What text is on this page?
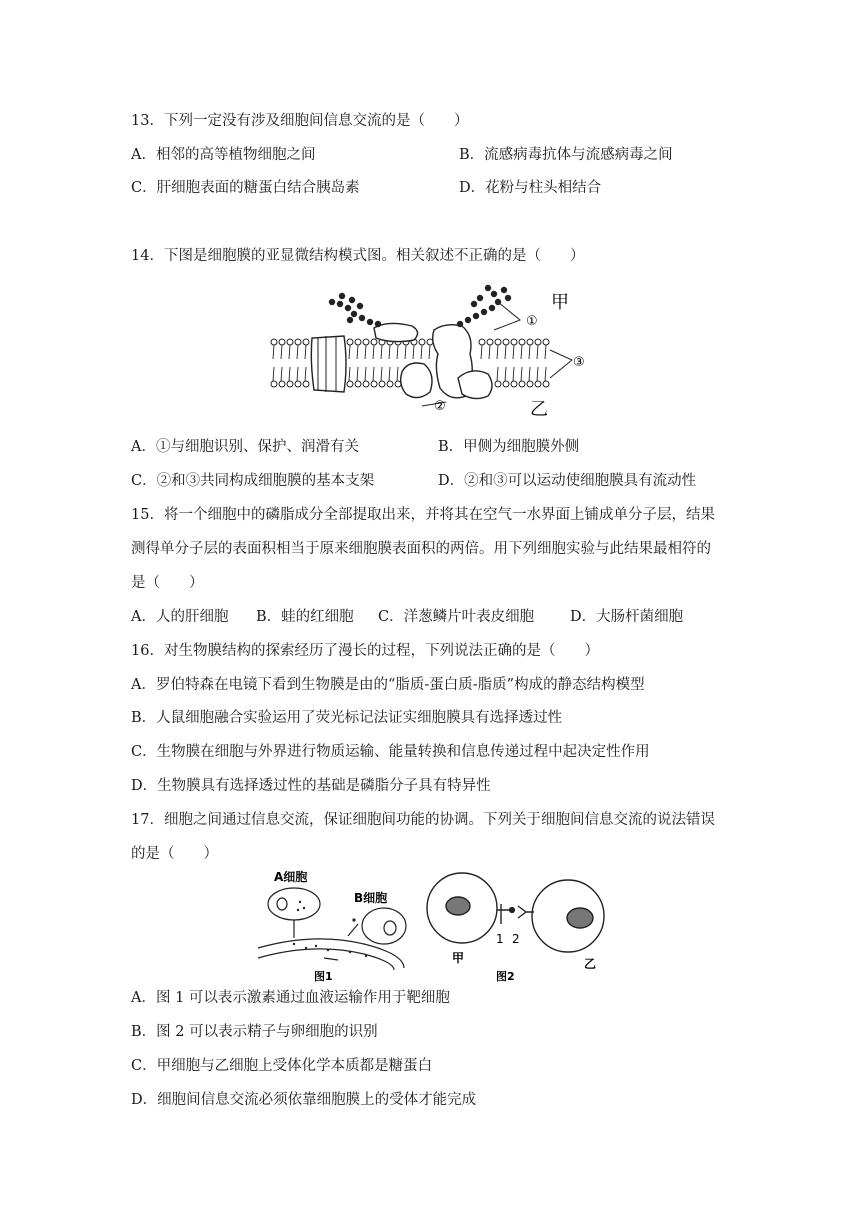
13．下列一定没有涉及细胞间信息交流的是（　　）
A．相邻的高等植物细胞之间	B．流感病毒抗体与流感病毒之间
C．肝细胞表面的糖蛋白结合胰岛素	D．花粉与柱头相结合
14．下图是细胞膜的亚显微结构模式图。相关叙述不正确的是（　　）
①
甲
③
②	乙
A．①与细胞识别、保护、润滑有关	B．甲侧为细胞膜外侧
C．②和③共同构成细胞膜的基本支架	D．②和③可以运动使细胞膜具有流动性
15．将一个细胞中的磷脂成分全部提取出来，并将其在空气一水界面上铺成单分子层，结果
测得单分子层的表面积相当于原来细胞膜表面积的两倍。用下列细胞实验与此结果最相符的
是（　　）
A．人的肝细胞 B．蛙的红细胞 C．洋葱鳞片叶表皮细胞 D．大肠杆菌细胞
16．对生物膜结构的探索经历了漫长的过程，下列说法正确的是（　　）
A．罗伯特森在电镜下看到生物膜是由的“脂质-蛋白质-脂质”构成的静态结构模型
B．人鼠细胞融合实验运用了荧光标记法证实细胞膜具有选择透过性
C．生物膜在细胞与外界进行物质运输、能量转换和信息传递过程中起决定性作用
D．生物膜具有选择透过性的基础是磷脂分子具有特异性
17．细胞之间通过信息交流，保证细胞间功能的协调。下列关于细胞间信息交流的说法错误
的是（　　）
A细胞
B细胞
图1
1 2
甲	乙
图2
A．图 1 可以表示激素通过血液运输作用于靶细胞
B．图 2 可以表示精子与卵细胞的识别
C．甲细胞与乙细胞上受体化学本质都是糖蛋白
D．细胞间信息交流必须依靠细胞膜上的受体才能完成
